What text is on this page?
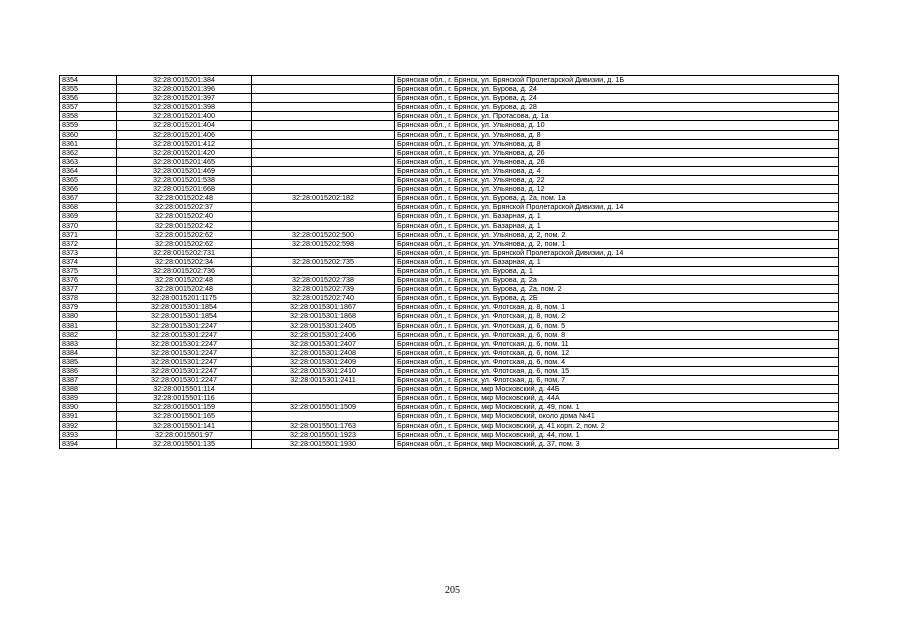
8354	32:28:0015201:384		Брянская обл., г. Брянск, ул. Брянской Пролетарской Дивизии, д. 1Б
8355	32:28:0015201:396		Брянская обл., г. Брянск, ул. Бурова, д. 24
8356	32:28:0015201:397		Брянская обл., г. Брянск, ул. Бурова, д. 24
8357	32:28:0015201:398		Брянская обл., г. Брянск, ул. Бурова, д. 28
8358	32:28:0015201:400		Брянская обл., г. Брянск, ул. Протасова, д. 1а
8359	32:28:0015201:404		Брянская обл., г. Брянск, ул. Ульянова, д. 10
8360	32:28:0015201:406		Брянская обл., г. Брянск, ул. Ульянова, д. 8
8361	32:28:0015201:412		Брянская обл., г. Брянск, ул. Ульянова, д. 8
8362	32:28:0015201:420		Брянская обл., г. Брянск, ул. Ульянова, д. 26
8363	32:28:0015201:465		Брянская обл., г. Брянск, ул. Ульянова, д. 26
8364	32:28:0015201:469		Брянская обл., г. Брянск, ул. Ульянова, д. 4
8365	32:28:0015201:538		Брянская обл., г. Брянск, ул. Ульянова, д. 22
8366	32:28:0015201:668		Брянская обл., г. Брянск, ул. Ульянова, д. 12
8367	32:28:0015202:48	32:28:0015202:182	Брянская обл., г. Брянск, ул. Бурова, д. 2а, пом. 1а
8368	32:28:0015202:37		Брянская обл., г. Брянск, ул. Брянской Пролетарской Дивизии, д. 14
8369	32:28:0015202:40		Брянская обл., г. Брянск, ул. Базарная, д. 1
8370	32:28:0015202:42		Брянская обл., г. Брянск, ул. Базарная, д. 1
8371	32:28:0015202:62	32:28:0015202:500	Брянская обл., г. Брянск, ул. Ульянова, д. 2, пом. 2
8372	32:28:0015202:62	32:28:0015202:598	Брянская обл., г. Брянск, ул. Ульянова, д. 2, пом. 1
8373	32:28:0015202:731		Брянская обл., г. Брянск, ул. Брянской Пролетарской Дивизии, д. 14
8374	32:28:0015202:34	32:28:0015202:735	Брянская обл., г. Брянск, ул. Базарная, д. 1
8375	32:28:0015202:736		Брянская обл., г. Брянск, ул. Бурова, д. 1
8376	32:28:0015202:48	32:28:0015202:738	Брянская обл., г. Брянск, ул. Бурова, д. 2а
8377	32:28:0015202:48	32:28:0015202:739	Брянская обл., г. Брянск, ул. Бурова, д. 2а, пом. 2
8378	32:28:0015201:1175	32:28:0015202:740	Брянская обл., г. Брянск, ул. Бурова, д. 2Б
8379	32:28:0015301:1854	32:28:0015301:1867	Брянская обл., г. Брянск, ул. Флотская, д. 8, пом. 1
8380	32:28:0015301:1854	32:28:0015301:1868	Брянская обл., г. Брянск, ул. Флотская, д. 8, пом. 2
8381	32:28:0015301:2247	32:28:0015301:2405	Брянская обл., г. Брянск, ул. Флотская, д. 6, пом. 5
8382	32:28:0015301:2247	32:28:0015301:2406	Брянская обл., г. Брянск, ул. Флотская, д. 6, пом. 8
8383	32:28:0015301:2247	32:28:0015301:2407	Брянская обл., г. Брянск, ул. Флотская, д. 6, пом. 11
8384	32:28:0015301:2247	32:28:0015301:2408	Брянская обл., г. Брянск, ул. Флотская, д. 6, пом. 12
8385	32:28:0015301:2247	32:28:0015301:2409	Брянская обл., г. Брянск, ул. Флотская, д. 6, пом. 4
8386	32:28:0015301:2247	32:28:0015301:2410	Брянская обл., г. Брянск, ул. Флотская, д. 6, пом. 15
8387	32:28:0015301:2247	32:28:0015301:2411	Брянская обл., г. Брянск, ул. Флотская, д. 6, пом. 7
8388	32:28:0015501:114		Брянская обл., г. Брянск, мкр Московский, д. 44Б
8389	32:28:0015501:116		Брянская обл., г. Брянск, мкр Московский, д. 44А
8390	32:28:0015501:159	32:28:0015501:1509	Брянская обл., г. Брянск, мкр Московский, д. 49, пом. 1
8391	32:28:0015501:165		Брянская обл., г. Брянск, мкр Московский, около дома №41
8392	32:28:0015501:141	32:28:0015501:1763	Брянская обл., г. Брянск, мкр Московский, д. 41 корп. 2, пом. 2
8393	32:28:0015501:97	32:28:0015501:1923	Брянская обл., г. Брянск, мкр Московский, д. 44, пом. 1
8394	32:28:0015501:135	32:28:0015501:1930	Брянская обл., г. Брянск, мкр Московский, д. 37, пом. 3
205
